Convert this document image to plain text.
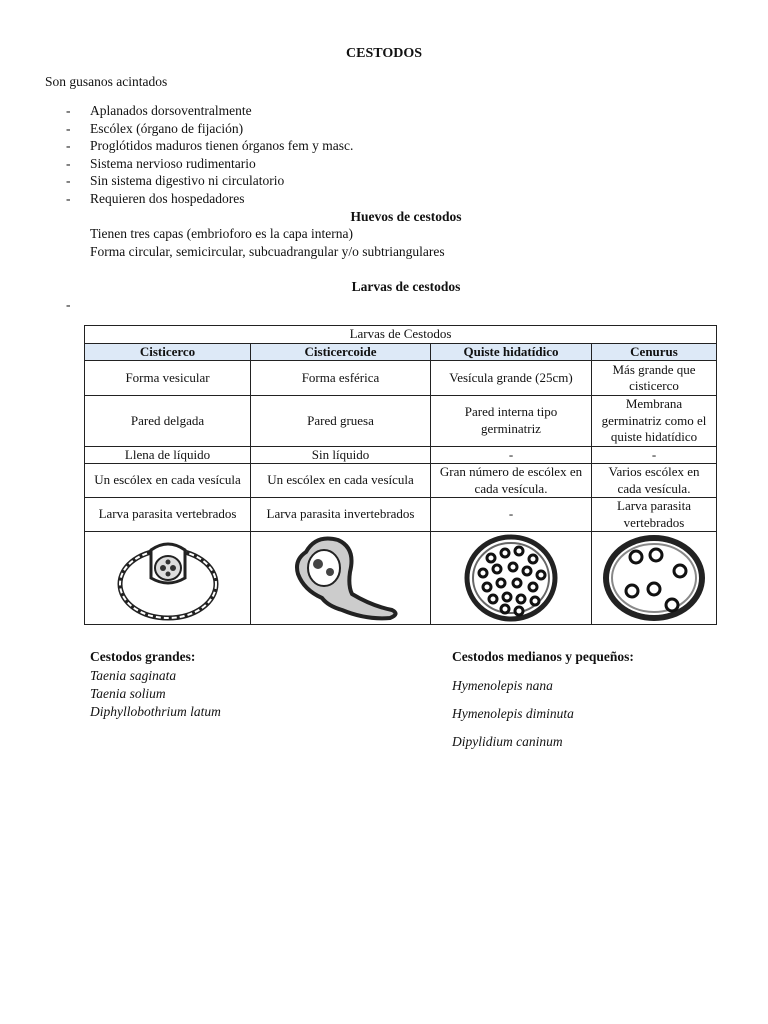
CESTODOS
Son gusanos acintados
- Aplanados dorsoventralmente
- Escólex (órgano de fijación)
- Proglótidos maduros tienen órganos fem y masc.
- Sistema nervioso rudimentario
- Sin sistema digestivo ni circulatorio
- Requieren dos hospedadores
Huevos de cestodos
Tienen tres capas (embrioforo es la capa interna)
Forma circular, semicircular, subcuadrangular y/o subtriangulares
Larvas de cestodos
-
Larvas de Cestodos			
Cisticerco	Cisticercoide	Quiste hidatídico	Cenurus
Forma vesicular	Forma esférica	Vesícula grande (25cm)	Más grande que cisticerco
Pared delgada	Pared gruesa	Pared interna tipo germinatriz	Membrana germinatriz como el quiste hidatídico
Llena de líquido	Sin líquido	-	-
Un escólex en cada vesícula	Un escólex en cada vesícula	Gran número de escólex en cada vesícula.	Varios escólex en cada vesícula.
Larva parasita vertebrados	Larva parasita invertebrados	-	Larva parasita vertebrados

Cestodos grandes:
Taenia saginata
Taenia solium
Diphyllobothrium latum
Cestodos medianos y pequeños:
Hymenolepis nana
Hymenolepis diminuta
Dipylidium caninum
